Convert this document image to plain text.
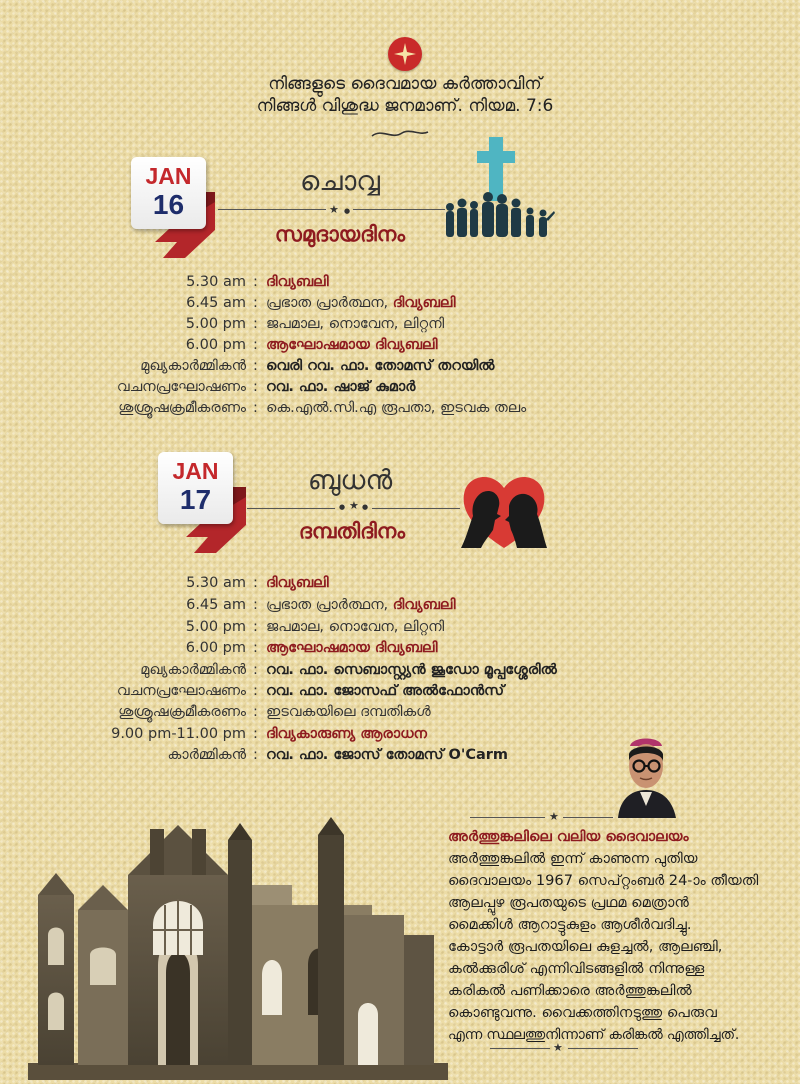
നിങ്ങളുടെ ദൈവമായ കർത്താവിന്
നിങ്ങൾ വിശുദ്ധ ജനമാണ്. നിയമ. 7:6
JAN
16
ചൊവ്വ
★ ●
സമുദായദിനം
5.30 am : ദിവ്യബലി
6.45 am : പ്രഭാത പ്രാർത്ഥന, ദിവ്യബലി
5.00 pm : ജപമാല, നൊവേന, ലിറ്റനി
6.00 pm : ആഘോഷമായ ദിവ്യബലി
മുഖ്യകാർമ്മികൻ : വെരി റവ. ഫാ. തോമസ് തറയിൽ
വചനപ്രഘോഷണം : റവ. ഫാ. ഷാജ് കുമാർ
ശുശ്രൂഷക്രമീകരണം : കെ.എൽ.സി.എ രൂപതാ, ഇടവക തലം
JAN
17
ബുധൻ
● ★ ●
ദമ്പതിദിനം
5.30 am : ദിവ്യബലി
6.45 am : പ്രഭാത പ്രാർത്ഥന, ദിവ്യബലി
5.00 pm : ജപമാല, നൊവേന, ലിറ്റനി
6.00 pm : ആഘോഷമായ ദിവ്യബലി
മുഖ്യകാർമ്മികൻ : റവ. ഫാ. സെബാസ്റ്റ്യൻ ജൂഡോ മൂപ്പശ്ശേരിൽ
വചനപ്രഘോഷണം : റവ. ഫാ. ജോസഫ് അൽഫോൻസ്
ശുശ്രൂഷക്രമീകരണം : ഇടവകയിലെ ദമ്പതികൾ
9.00 pm-11.00 pm : ദിവ്യകാരുണ്യ ആരാധന
കാർമ്മികൻ : റവ. ഫാ. ജോസ് തോമസ് O'Carm
★
അർത്തുങ്കലിലെ വലിയ ദൈവാലയം
അർത്തുങ്കലിൽ ഇന്ന് കാണുന്ന പുതിയ
ദൈവാലയം 1967 സെപ്റ്റംബർ 24-ാം തീയതി
ആലപ്പുഴ രൂപതയുടെ പ്രഥമ മെത്രാൻ
മൈക്കിൾ ആറാട്ടുകുളം ആശീർവദിച്ചു.
കോട്ടാർ രൂപതയിലെ കുളച്ചൽ, ആലഞ്ചി,
കൽക്കുരിശ് എന്നിവിടങ്ങളിൽ നിന്നുള്ള
കരികൽ പണിക്കാരെ അർത്തുങ്കലിൽ
കൊണ്ടുവന്നു. വൈക്കത്തിനടുത്തു പെരുവ
എന്ന സ്ഥലത്തുനിന്നാണ് കരിങ്കൽ എത്തിച്ചത്.
★
